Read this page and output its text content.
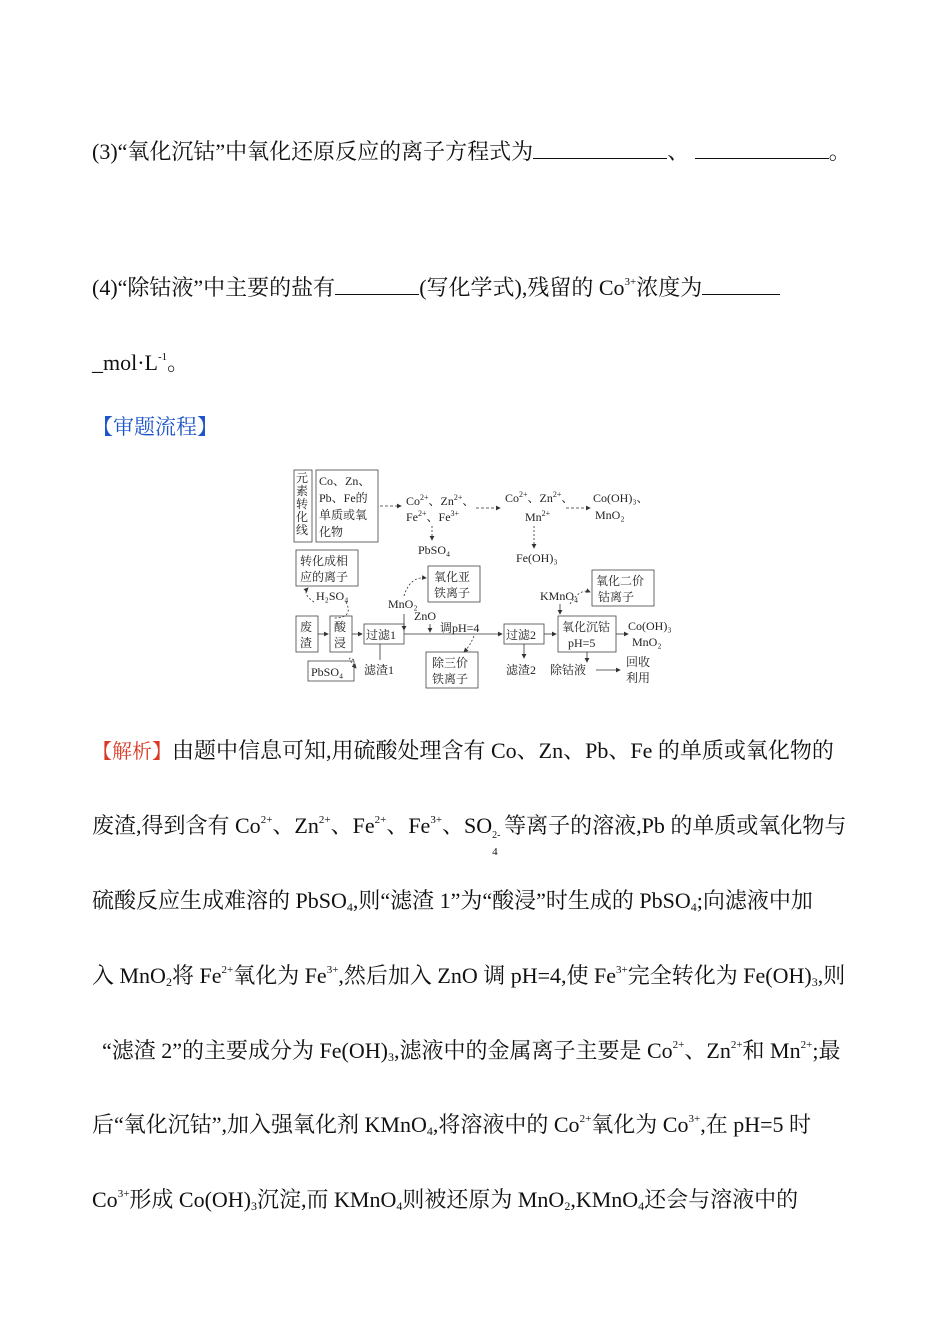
(3)“氧化沉钴”中氧化还原反应的离子方程式为	、	。
(4)“除钴液”中主要的盐有	(写化学式),残留的 $Co^{3+}$浓度为
$\_mol\cdot L^{-1}$。
【审题流程】
元 素 转 化 线
Co、Zn、
Pb、Fe的
单质或氧
化物
$Co^{2+}$、$Zn^{2+}$、
$Fe^{2+}$、$Fe^{3+}$
PbSO₄
$Co^{2+}$、$Zn^{2+}$、
$Mn^{2+}$
Fe(OH)₃
Co(OH)₃、
MnO₂
转化成相
应的离子
H₂SO₄
氧化亚
铁离子
MnO₂
ZnO
调pH=4
氧化二价
钴离子
KMnO₄
废
渣
酸
浸
过滤1	过滤2
氧化沉钴
pH=5
Co(OH)₃
MnO₂
PbSO₄ 滤渣1	除三价
铁离子
滤渣2 除钴液
回收
利用
【解析】由题中信息可知,用硫酸处理含有 Co、Zn、Pb、Fe 的单质或氧化物的
废渣,得到含有 $Co^{2+}$、$Zn^{2+}$、$Fe^{2+}$、$Fe^{3+}$、SO 2-
4
等离子的溶液,Pb 的单质或氧化物与
硫酸反应生成难溶的 PbSO$_4$,则“滤渣 1”为“酸浸”时生成的 PbSO$_4$;向滤液中加
入 MnO$_2$将 $Fe^{2+}$氧化为 $Fe^{3+}$,然后加入 ZnO 调 pH=4,使 $Fe^{3+}$完全转化为 $Fe(OH)_3$,则
“滤渣 2”的主要成分为 $Fe(OH)_3$,滤液中的金属离子主要是 $Co^{2+}$、$Zn^{2+}$和 $Mn^{2+}$;最
后“氧化沉钴”,加入强氧化剂 KMnO$_4$,将溶液中的 $Co^{2+}$氧化为 $Co^{3+}$,在 pH=5 时
$Co^{3+}$形成 $Co(OH)_3$沉淀,而 KMnO$_4$则被还原为 MnO$_2$,KMnO$_4$还会与溶液中的
